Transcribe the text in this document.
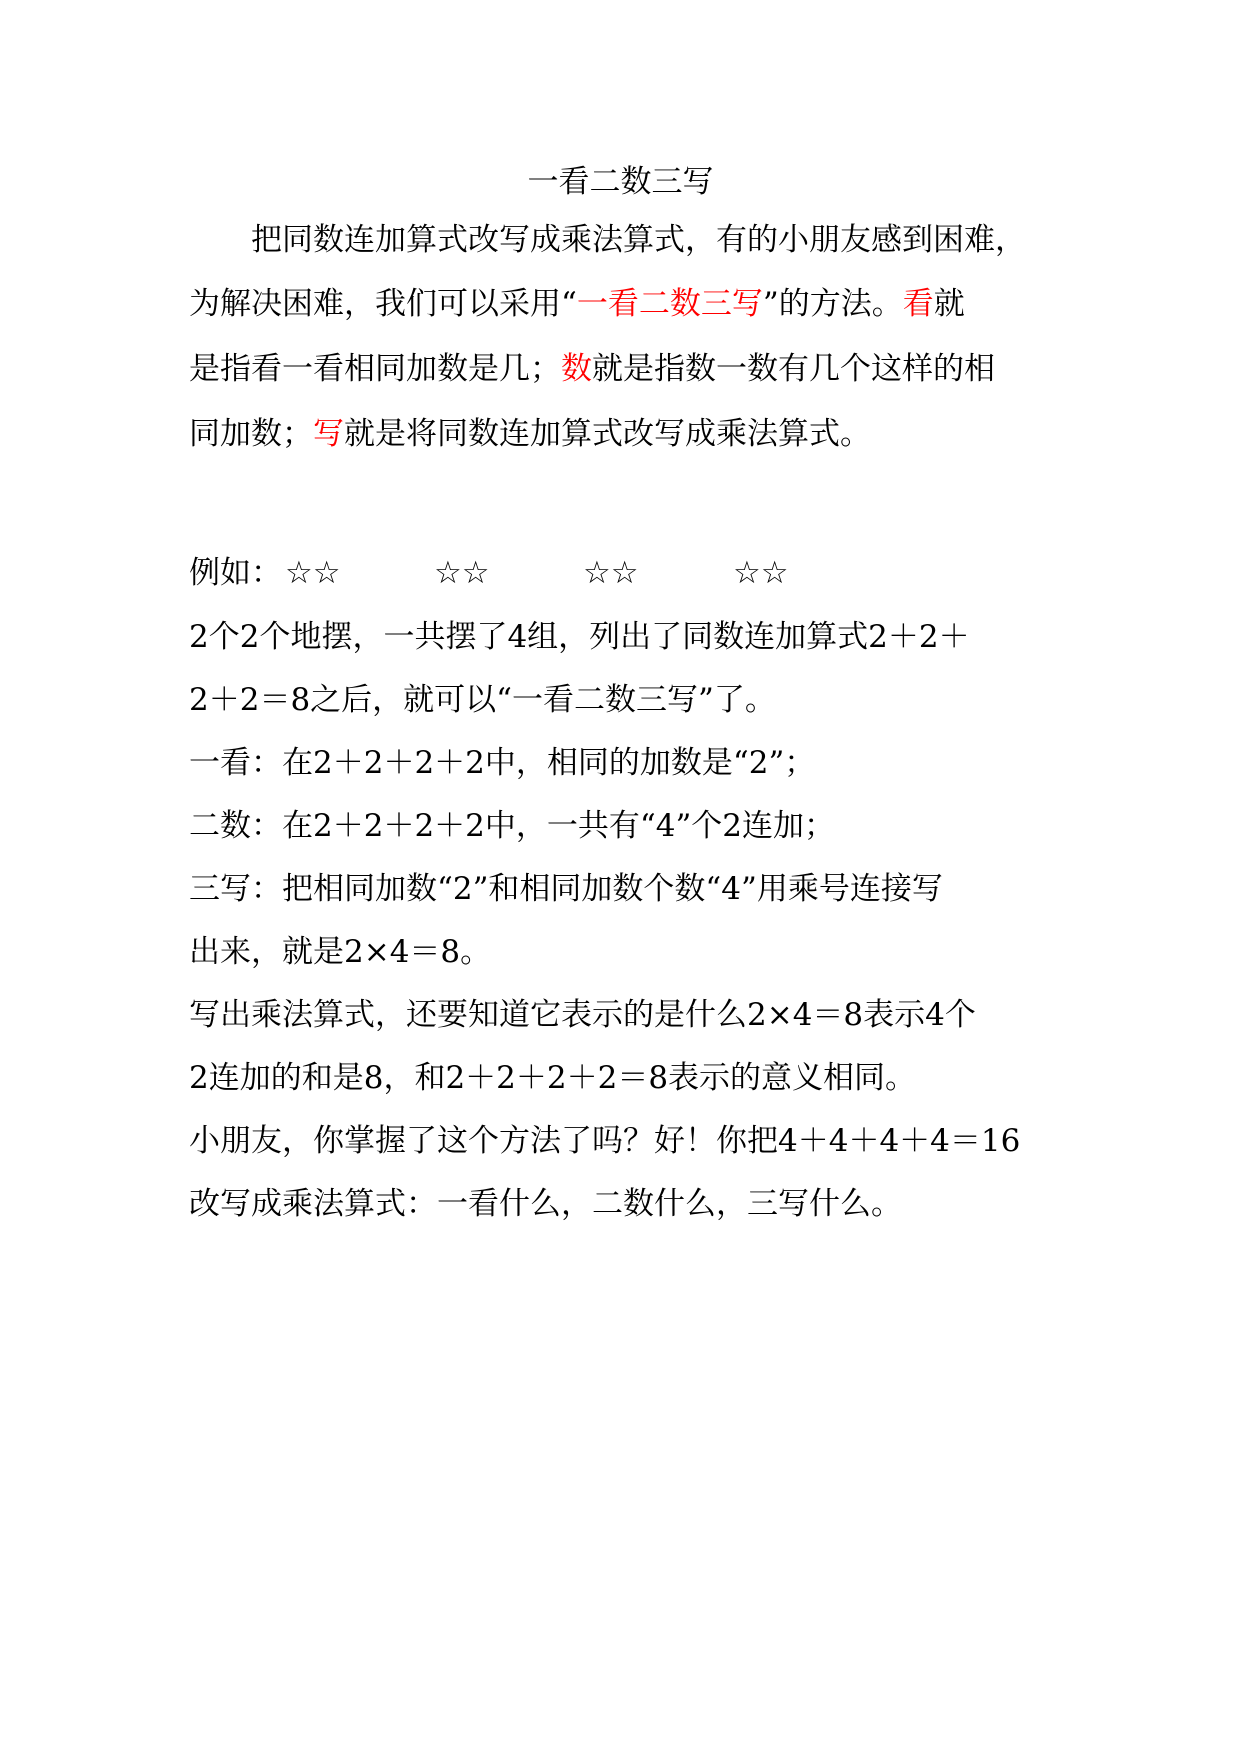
一看二数三写
把同数连加算式改写成乘法算式，有的小朋友感到困难，
为解决困难，我们可以采用“一看二数三写”的方法。看就
是指看一看相同加数是几；数就是指数一数有几个这样的相
同加数；写就是将同数连加算式改写成乘法算式。
例如： ☆☆	☆☆	☆☆	☆☆
2个2个地摆，一共摆了4组，列出了同数连加算式2＋2＋
2＋2＝8之后，就可以“一看二数三写”了。
一看：在2＋2＋2＋2中，相同的加数是“2”；
二数：在2＋2＋2＋2中，一共有“4”个2连加；
三写：把相同加数“2”和相同加数个数“4”用乘号连接写
出来，就是2×4＝8。
写出乘法算式，还要知道它表示的是什么2×4＝8表示4个
2连加的和是8，和2＋2＋2＋2＝8表示的意义相同。
小朋友，你掌握了这个方法了吗？好！你把4＋4＋4＋4＝16
改写成乘法算式：一看什么，二数什么，三写什么。
